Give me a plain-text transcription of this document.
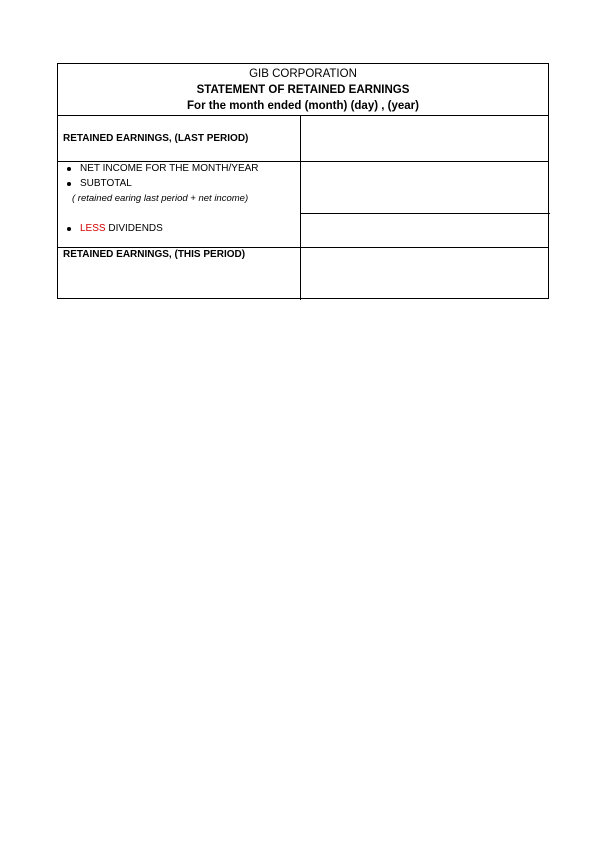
GIB CORPORATION
STATEMENT OF RETAINED EARNINGS
For the month ended (month) (day) , (year)
RETAINED EARNINGS, (LAST PERIOD)
NET INCOME FOR THE MONTH/YEAR
SUBTOTAL
( retained earing last period + net income)
LESS DIVIDENDS
RETAINED EARNINGS, (THIS PERIOD)
